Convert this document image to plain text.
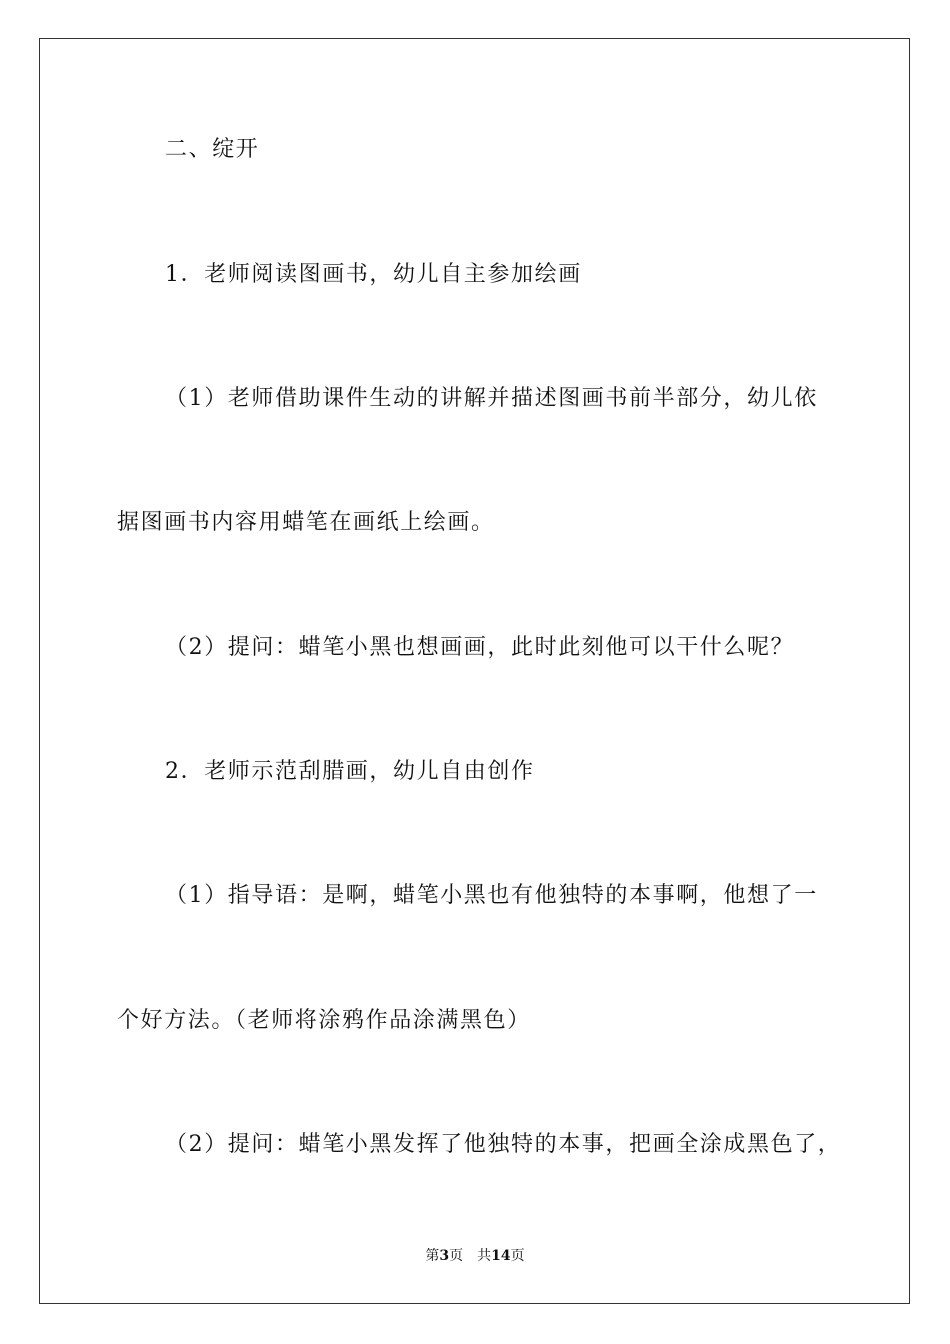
二、绽开
1．老师阅读图画书，幼儿自主参加绘画
（1）老师借助课件生动的讲解并描述图画书前半部分，幼儿依
据图画书内容用蜡笔在画纸上绘画。
（2）提问：蜡笔小黑也想画画，此时此刻他可以干什么呢？
2．老师示范刮腊画，幼儿自由创作
（1）指导语：是啊，蜡笔小黑也有他独特的本事啊，他想了一
个好方法。（老师将涂鸦作品涂满黑色）
（2）提问：蜡笔小黑发挥了他独特的本事，把画全涂成黑色了，
第3页 共14页
